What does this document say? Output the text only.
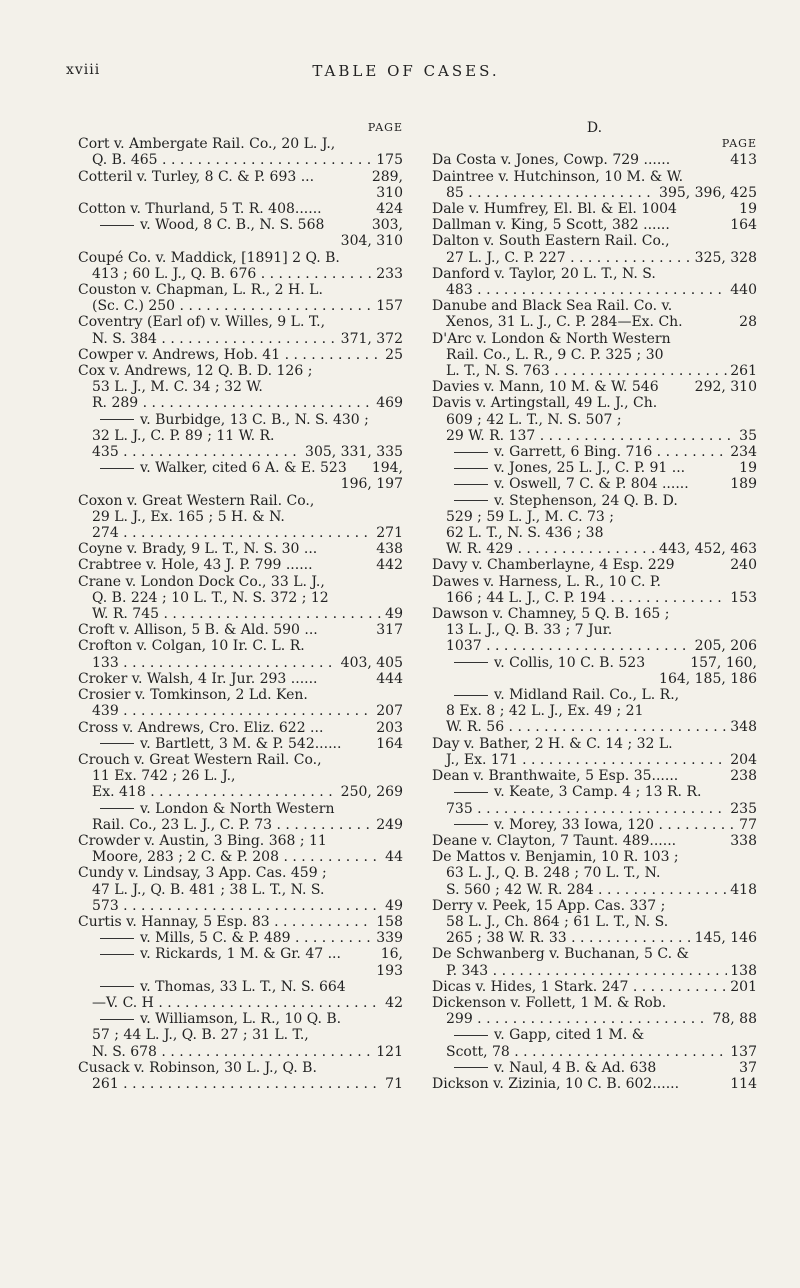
xviii	TABLE OF CASES.
PAGE
Cort v. Ambergate Rail. Co., 20 L. J.,
Q. B. 465 . . .	175
Cotteril v. Turley, 8 C. & P. 693 ...	289,
310
Cotton v. Thurland, 5 T. R. 408......	424
v. Wood, 8 C. B., N. S. 568	303,
304, 310
Coupé Co. v. Maddick, [1891] 2 Q. B.
413 ; 60 L. J., Q. B. 676 . . .	233
Couston v. Chapman, L. R., 2 H. L.
(Sc. C.) 250 . . .	157
Coventry (Earl of) v. Willes, 9 L. T.,
N. S. 384 . . .	371, 372
Cowper v. Andrews, Hob. 41 . . .	25
Cox v. Andrews, 12 Q. B. D. 126 ;
53 L. J., M. C. 34 ; 32 W.
R. 289 . . .	469
v. Burbidge, 13 C. B., N. S. 430 ;
32 L. J., C. P. 89 ; 11 W. R.
435 . . .	305, 331, 335
v. Walker, cited 6 A. & E. 523 194,
196, 197
Coxon v. Great Western Rail. Co.,
29 L. J., Ex. 165 ; 5 H. & N.
274 . . .	271
Coyne v. Brady, 9 L. T., N. S. 30 ...	438
Crabtree v. Hole, 43 J. P. 799 ......	442
Crane v. London Dock Co., 33 L. J.,
Q. B. 224 ; 10 L. T., N. S. 372 ; 12
W. R. 745 . . .	49
Croft v. Allison, 5 B. & Ald. 590 ...	317
Crofton v. Colgan, 10 Ir. C. L. R.
133 . . .	403, 405
Croker v. Walsh, 4 Ir. Jur. 293 ......	444
Crosier v. Tomkinson, 2 Ld. Ken.
439 . . .	207
Cross v. Andrews, Cro. Eliz. 622 ...	203
v. Bartlett, 3 M. & P. 542...... 164
Crouch v. Great Western Rail. Co.,
11 Ex. 742 ; 26 L. J.,
Ex. 418 . . .	250, 269
v. London & North Western
Rail. Co., 23 L. J., C. P. 73 . . .	249
Crowder v. Austin, 3 Bing. 368 ; 11
Moore, 283 ; 2 C. & P. 208 . . .	44
Cundy v. Lindsay, 3 App. Cas. 459 ;
47 L. J., Q. B. 481 ; 38 L. T., N. S.
573 . . .	49
Curtis v. Hannay, 5 Esp. 83 . . .	158
v. Mills, 5 C. & P. 489 . . .	339
v. Rickards, 1 M. & Gr. 47 ...	16,
193
v. Thomas, 33 L. T., N. S. 664
—V. C. H . . .	42
v. Williamson, L. R., 10 Q. B.
57 ; 44 L. J., Q. B. 27 ; 31 L. T.,
N. S. 678 . . .	121
Cusack v. Robinson, 30 L. J., Q. B.
261 . . .	71
D.
PAGE
Da Costa v. Jones, Cowp. 729 ......	413
Daintree v. Hutchinson, 10 M. & W.
85 . . .	395, 396, 425
Dale v. Humfrey, El. Bl. & El. 1004	19
Dallman v. King, 5 Scott, 382 ......	164
Dalton v. South Eastern Rail. Co.,
27 L. J., C. P. 227 . . .	325, 328
Danford v. Taylor, 20 L. T., N. S.
483 . . .	440
Danube and Black Sea Rail. Co. v.
Xenos, 31 L. J., C. P. 284—Ex. Ch.	28
D'Arc v. London & North Western
Rail. Co., L. R., 9 C. P. 325 ; 30
L. T., N. S. 763 . . .	261
Davies v. Mann, 10 M. & W. 546	292, 310
Davis v. Artingstall, 49 L. J., Ch.
609 ; 42 L. T., N. S. 507 ;
29 W. R. 137 . . .	35
v. Garrett, 6 Bing. 716 . . .	234
v. Jones, 25 L. J., C. P. 91 ...	19
v. Oswell, 7 C. & P. 804 ......	189
v. Stephenson, 24 Q. B. D.
529 ; 59 L. J., M. C. 73 ;
62 L. T., N. S. 436 ; 38
W. R. 429 . . .	443, 452, 463
Davy v. Chamberlayne, 4 Esp. 229	240
Dawes v. Harness, L. R., 10 C. P.
166 ; 44 L. J., C. P. 194 . . .	153
Dawson v. Chamney, 5 Q. B. 165 ;
13 L. J., Q. B. 33 ; 7 Jur.
1037 . . .	205, 206
v. Collis, 10 C. B. 523	157, 160,
164, 185, 186
v. Midland Rail. Co., L. R.,
8 Ex. 8 ; 42 L. J., Ex. 49 ; 21
W. R. 56 . . .	348
Day v. Bather, 2 H. & C. 14 ; 32 L.
J., Ex. 171 . . .	204
Dean v. Branthwaite, 5 Esp. 35......	238
v. Keate, 3 Camp. 4 ; 13 R. R.
735 . . .	235
v. Morey, 33 Iowa, 120 . . .	77
Deane v. Clayton, 7 Taunt. 489......	338
De Mattos v. Benjamin, 10 R. 103 ;
63 L. J., Q. B. 248 ; 70 L. T., N.
S. 560 ; 42 W. R. 284 . . .	418
Derry v. Peek, 15 App. Cas. 337 ;
58 L. J., Ch. 864 ; 61 L. T., N. S.
265 ; 38 W. R. 33 . . .	145, 146
De Schwanberg v. Buchanan, 5 C. &
P. 343 . . .	138
Dicas v. Hides, 1 Stark. 247 . . .	201
Dickenson v. Follett, 1 M. & Rob.
299 . . .	78, 88
v. Gapp, cited 1 M. &
Scott, 78 . . .	137
v. Naul, 4 B. & Ad. 638	37
Dickson v. Zizinia, 10 C. B. 602......	114
